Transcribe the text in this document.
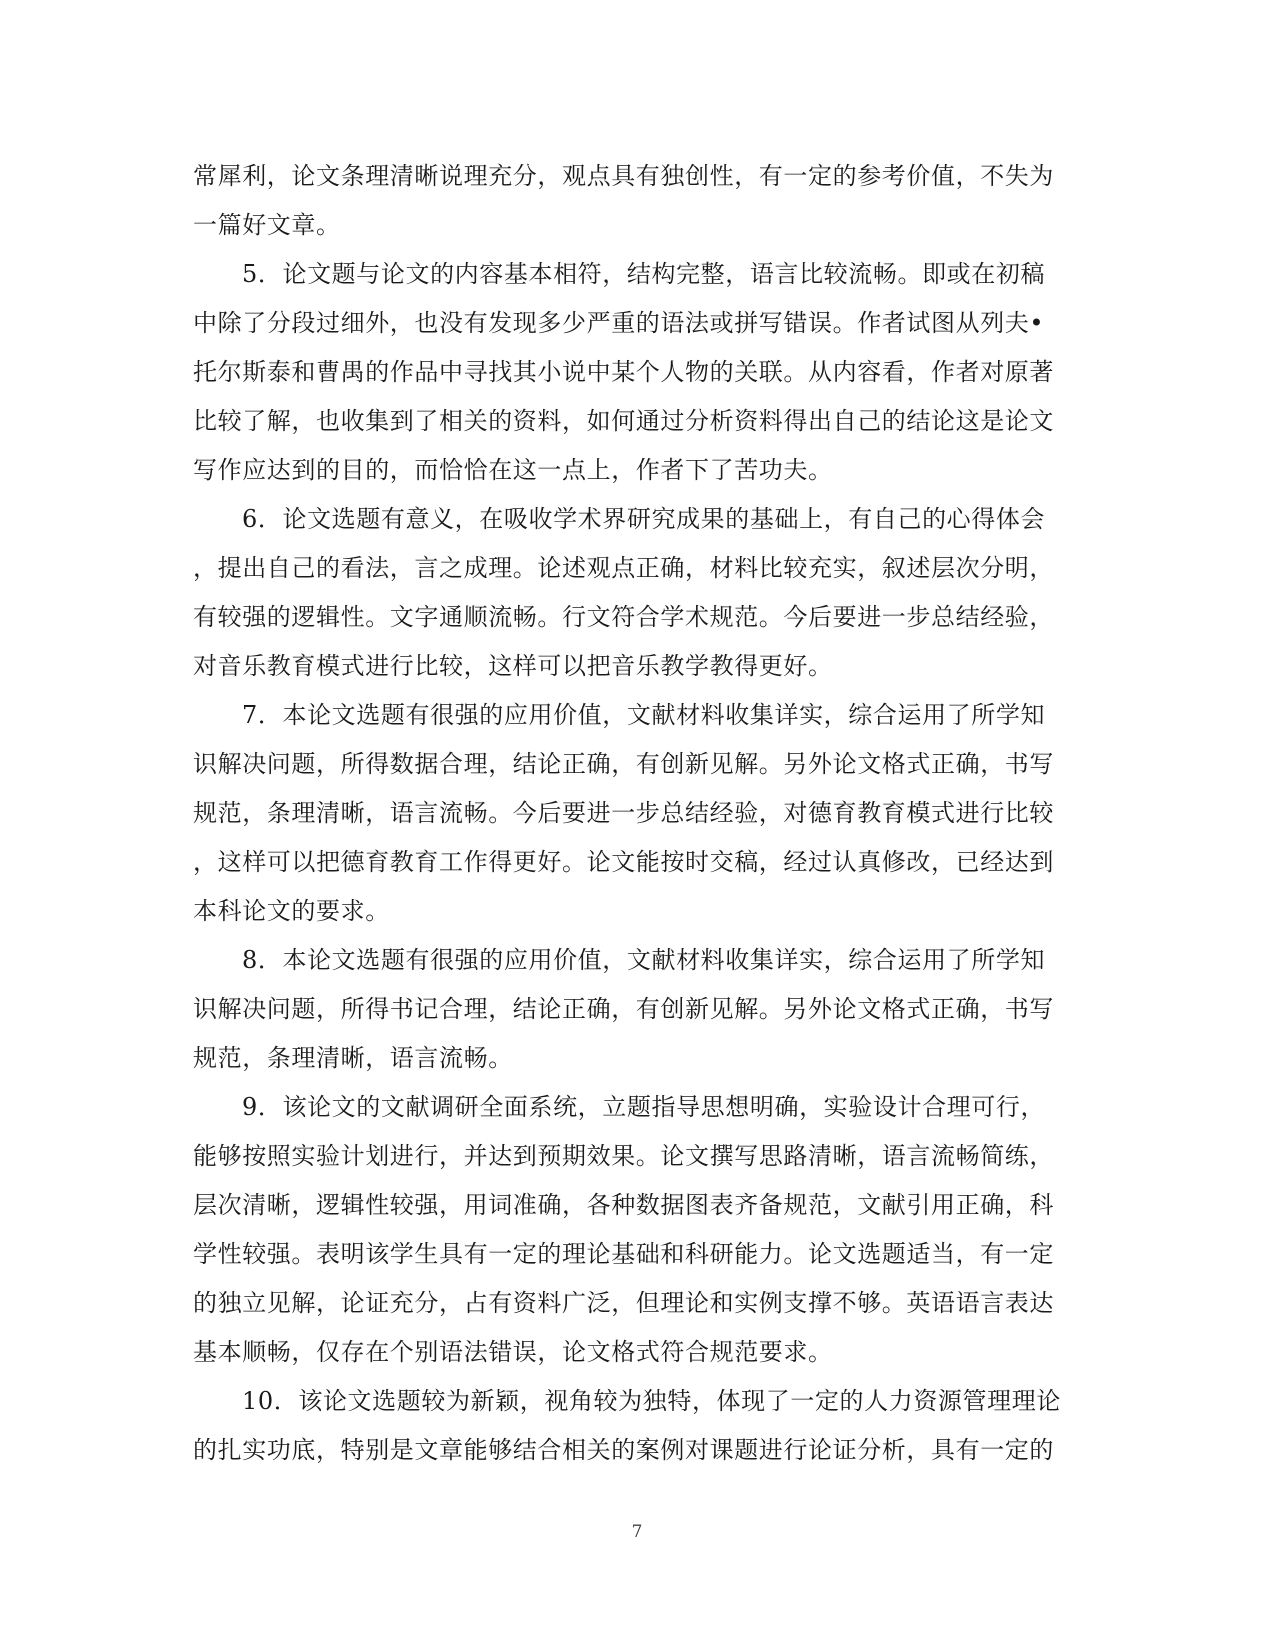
常犀利，论文条理清晰说理充分，观点具有独创性，有一定的参考价值，不失为
一篇好文章。
5．论文题与论文的内容基本相符，结构完整，语言比较流畅。即或在初稿
中除了分段过细外，也没有发现多少严重的语法或拼写错误。作者试图从列夫•
托尔斯泰和曹禺的作品中寻找其小说中某个人物的关联。从内容看，作者对原著
比较了解，也收集到了相关的资料，如何通过分析资料得出自己的结论这是论文
写作应达到的目的，而恰恰在这一点上，作者下了苦功夫。
6．论文选题有意义，在吸收学术界研究成果的基础上，有自己的心得体会
，提出自己的看法，言之成理。论述观点正确，材料比较充实，叙述层次分明，
有较强的逻辑性。文字通顺流畅。行文符合学术规范。今后要进一步总结经验，
对音乐教育模式进行比较，这样可以把音乐教学教得更好。
7．本论文选题有很强的应用价值，文献材料收集详实，综合运用了所学知
识解决问题，所得数据合理，结论正确，有创新见解。另外论文格式正确，书写
规范，条理清晰，语言流畅。今后要进一步总结经验，对德育教育模式进行比较
，这样可以把德育教育工作得更好。论文能按时交稿，经过认真修改，已经达到
本科论文的要求。
8．本论文选题有很强的应用价值，文献材料收集详实，综合运用了所学知
识解决问题，所得书记合理，结论正确，有创新见解。另外论文格式正确，书写
规范，条理清晰，语言流畅。
9．该论文的文献调研全面系统，立题指导思想明确，实验设计合理可行，
能够按照实验计划进行，并达到预期效果。论文撰写思路清晰，语言流畅简练，
层次清晰，逻辑性较强，用词准确，各种数据图表齐备规范，文献引用正确，科
学性较强。表明该学生具有一定的理论基础和科研能力。论文选题适当，有一定
的独立见解，论证充分，占有资料广泛，但理论和实例支撑不够。英语语言表达
基本顺畅，仅存在个别语法错误，论文格式符合规范要求。
10．该论文选题较为新颖，视角较为独特，体现了一定的人力资源管理理论
的扎实功底，特别是文章能够结合相关的案例对课题进行论证分析，具有一定的
7
